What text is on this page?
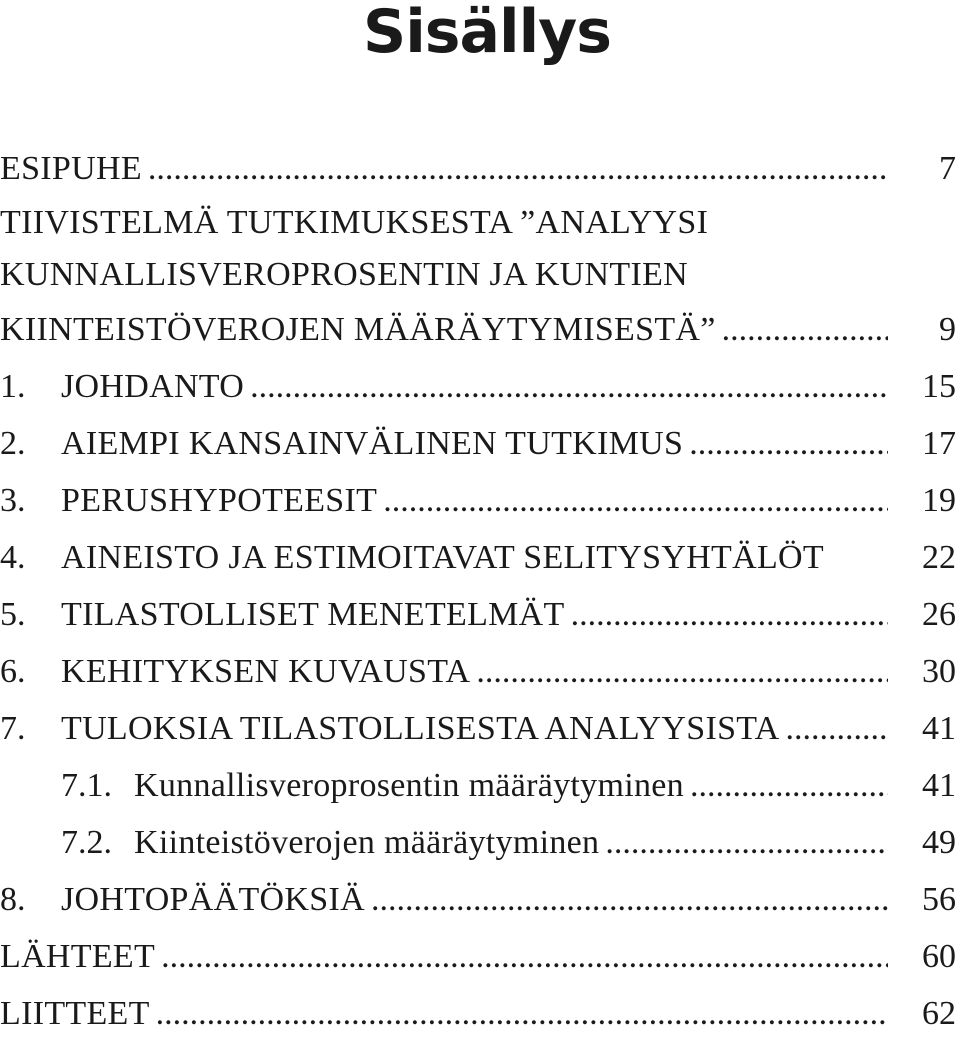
Sisällys
ESIPUHE .....	7
TIIVISTELMÄ TUTKIMUKSESTA ”ANALYYSI
KUNNALLISVEROPROSENTIN JA KUNTIEN
KIINTEISTÖVEROJEN MÄÄRÄYTYMISESTÄ” .....	9
1.	JOHDANTO .....	15
2.	AIEMPI KANSAINVÄLINEN TUTKIMUS .....	17
3.	PERUSHYPOTEESIT .....	19
4.	AINEISTO JA ESTIMOITAVAT SELITYSYHTÄLÖT	22
5.	TILASTOLLISET MENETELMÄT .....	26
6.	KEHITYKSEN KUVAUSTA .....	30
7.	TULOKSIA TILASTOLLISESTA ANALYYSISTA .....	41
7.1. Kunnallisveroprosentin määräytyminen .....	41
7.2. Kiinteistöverojen määräytyminen .....	49
8.	JOHTOPÄÄTÖKSIÄ .....	56
LÄHTEET .....	60
LIITTEET .....	62
